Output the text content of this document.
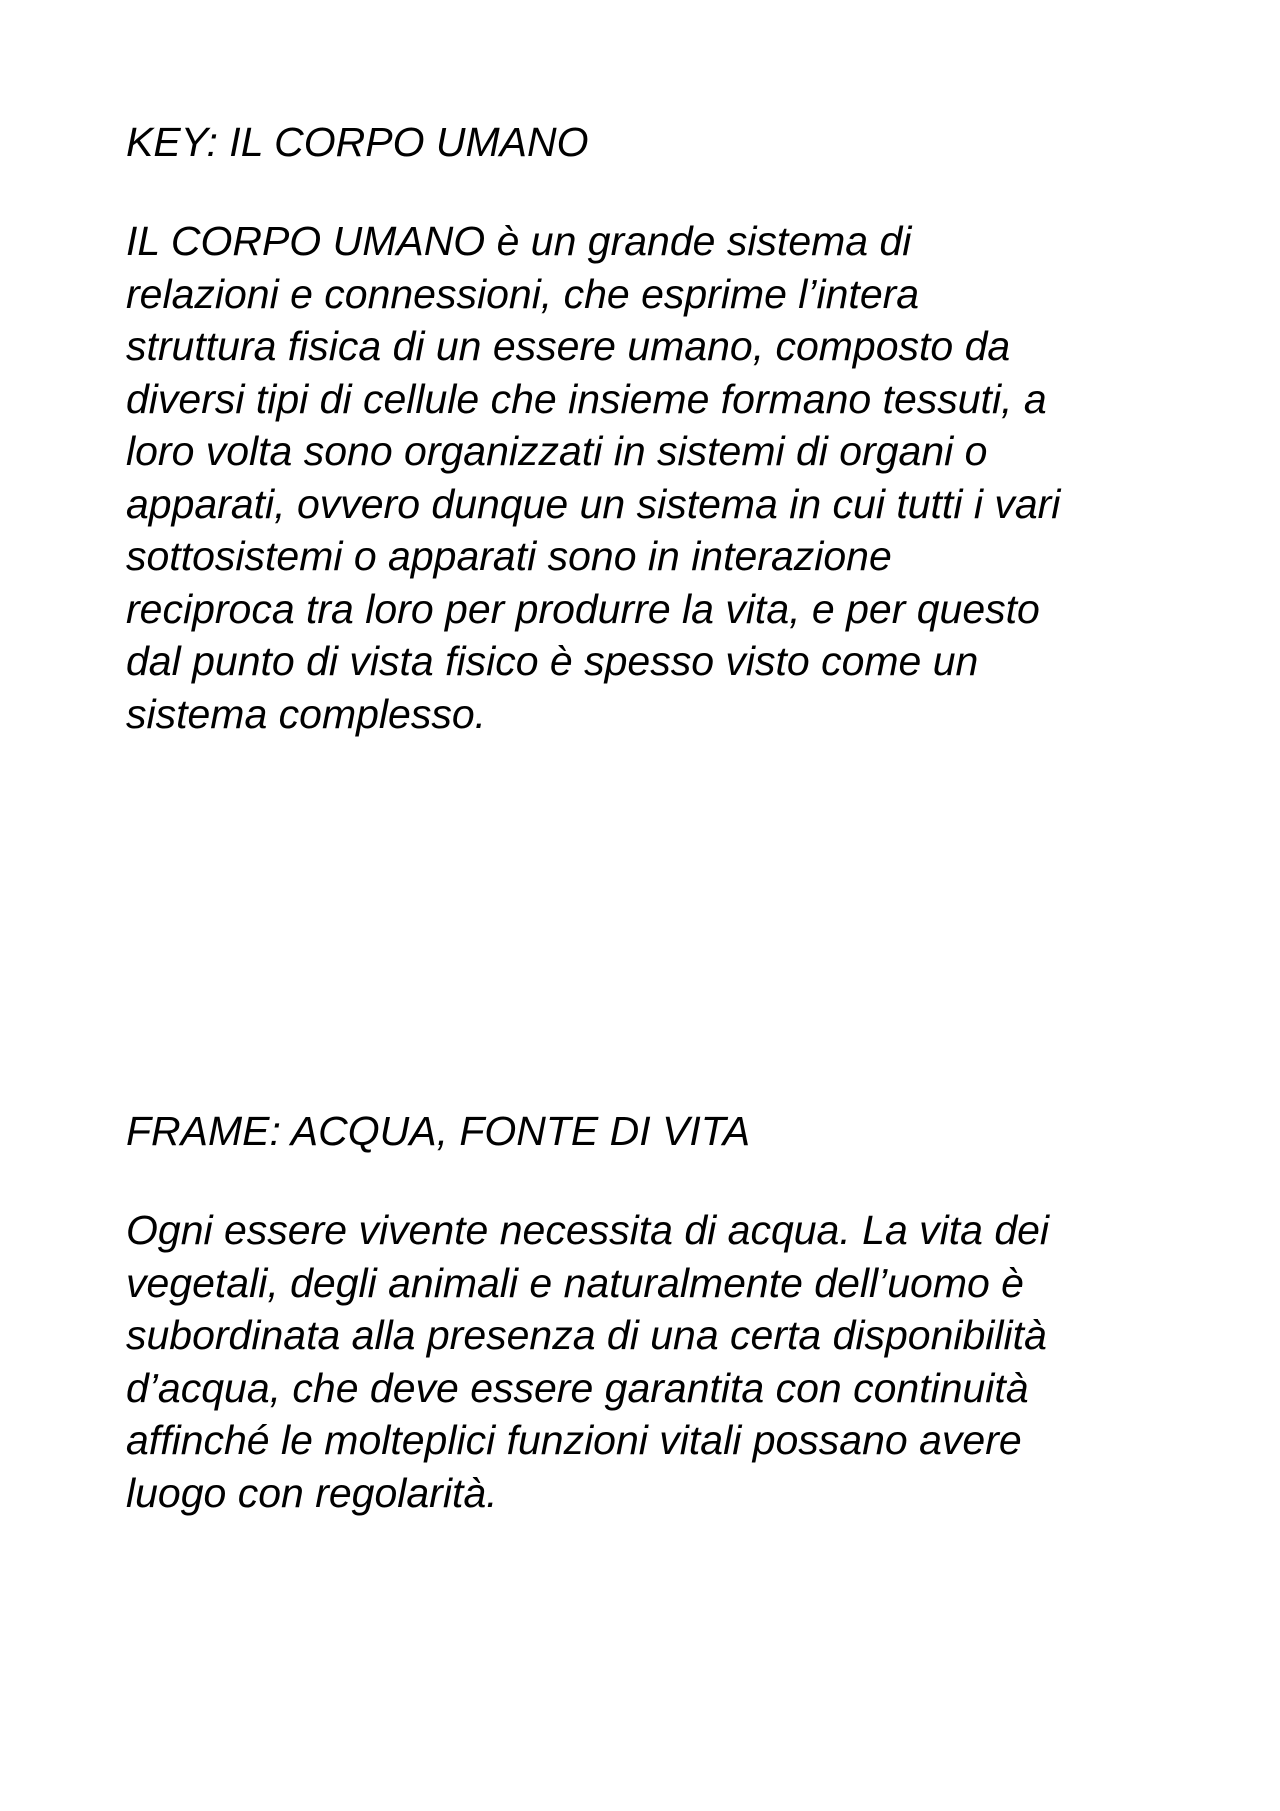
KEY: IL CORPO UMANO

IL CORPO UMANO è un grande sistema di
relazioni e connessioni, che esprime l’intera
struttura fisica di un essere umano, composto da
diversi tipi di cellule che insieme formano tessuti, a
loro volta sono organizzati in sistemi di organi o
apparati, ovvero dunque un sistema in cui tutti i vari
sottosistemi o apparati sono in interazione
reciproca tra loro per produrre la vita, e per questo
dal punto di vista fisico è spesso visto come un
sistema complesso.

FRAME: ACQUA, FONTE DI VITA

Ogni essere vivente necessita di acqua. La vita dei
vegetali, degli animali e naturalmente dell’uomo è
subordinata alla presenza di una certa disponibilità
d’acqua, che deve essere garantita con continuità
affinché le molteplici funzioni vitali possano avere
luogo con regolarità.
